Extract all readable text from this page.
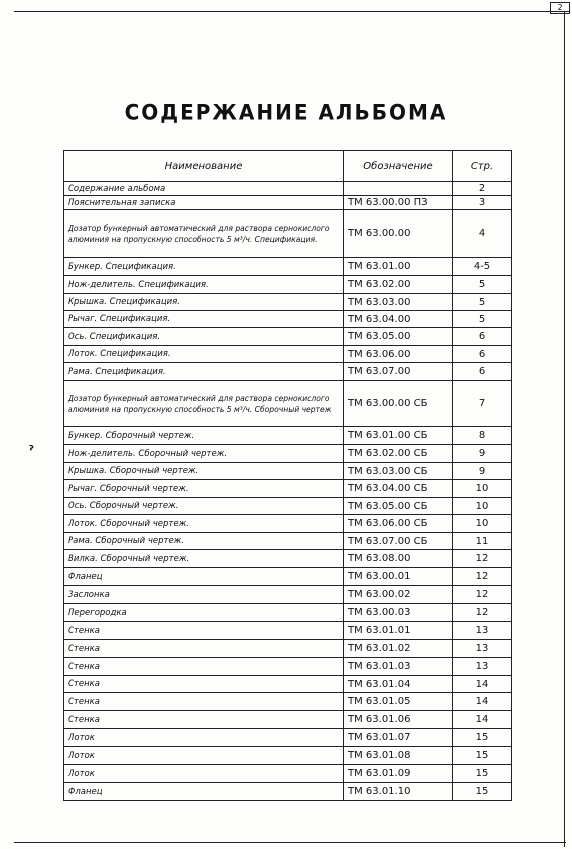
2
СОДЕРЖАНИЕ АЛЬБОМА
ˀ
Наименование	Обозначение	Стр.
Содержание альбома		2
Пояснительная записка	ТМ 63.00.00 ПЗ	3
Дозатор бункерный автоматический для раствора сернокислого алюминия на пропускную способность 5 м³/ч. Спецификация.	ТМ 63.00.00	4
Бункер. Спецификация.	ТМ 63.01.00	4-5
Нож-делитель. Спецификация.	ТМ 63.02.00	5
Крышка. Спецификация.	ТМ 63.03.00	5
Рычаг. Спецификация.	ТМ 63.04.00	5
Ось. Спецификация.	ТМ 63.05.00	6
Лоток. Спецификация.	ТМ 63.06.00	6
Рама. Спецификация.	ТМ 63.07.00	6
Дозатор бункерный автоматический для раствора сернокислого алюминия на пропускную способность 5 м³/ч. Сборочный чертеж	ТМ 63.00.00 СБ	7
Бункер. Сборочный чертеж.	ТМ 63.01.00 СБ	8
Нож-делитель. Сборочный чертеж.	ТМ 63.02.00 СБ	9
Крышка. Сборочный чертеж.	ТМ 63.03.00 СБ	9
Рычаг. Сборочный чертеж.	ТМ 63.04.00 СБ	10
Ось. Сборочный чертеж.	ТМ 63.05.00 СБ	10
Лоток. Сборочный чертеж.	ТМ 63.06.00 СБ	10
Рама. Сборочный чертеж.	ТМ 63.07.00 СБ	11
Вилка. Сборочный чертеж.	ТМ 63.08.00	12
Фланец	ТМ 63.00.01	12
Заслонка	ТМ 63.00.02	12
Перегородка	ТМ 63.00.03	12
Стенка	ТМ 63.01.01	13
Стенка	ТМ 63.01.02	13
Стенка	ТМ 63.01.03	13
Стенка	ТМ 63.01.04	14
Стенка	ТМ 63.01.05	14
Стенка	ТМ 63.01.06	14
Лоток	ТМ 63.01.07	15
Лоток	ТМ 63.01.08	15
Лоток	ТМ 63.01.09	15
Фланец	ТМ 63.01.10	15
